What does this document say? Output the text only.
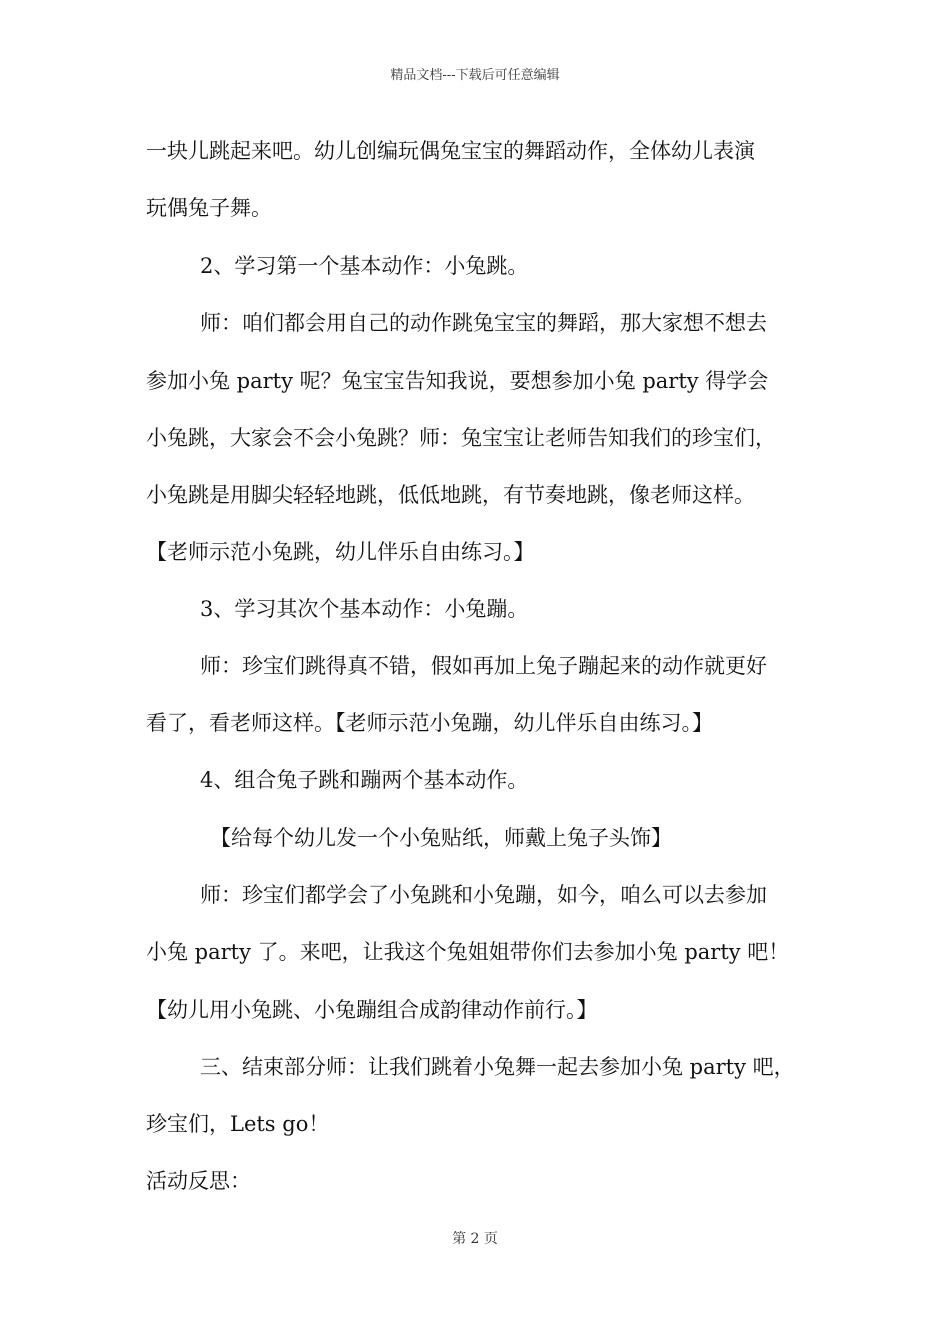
精品文档---下载后可任意编辑
一块儿跳起来吧。幼儿创编玩偶兔宝宝的舞蹈动作，全体幼儿表演
玩偶兔子舞。
2、学习第一个基本动作：小兔跳。
师：咱们都会用自己的动作跳兔宝宝的舞蹈，那大家想不想去
参加小兔 party 呢？兔宝宝告知我说，要想参加小兔 party 得学会
小兔跳，大家会不会小兔跳？师：兔宝宝让老师告知我们的珍宝们，
小兔跳是用脚尖轻轻地跳，低低地跳，有节奏地跳，像老师这样。
【老师示范小兔跳，幼儿伴乐自由练习。】
3、学习其次个基本动作：小兔蹦。
师：珍宝们跳得真不错，假如再加上兔子蹦起来的动作就更好
看了，看老师这样。【老师示范小兔蹦，幼儿伴乐自由练习。】
4、组合兔子跳和蹦两个基本动作。
【给每个幼儿发一个小兔贴纸，师戴上兔子头饰】
师：珍宝们都学会了小兔跳和小兔蹦，如今，咱么可以去参加
小兔 party 了。来吧，让我这个兔姐姐带你们去参加小兔 party 吧！
【幼儿用小兔跳、小兔蹦组合成韵律动作前行。】
三、结束部分师：让我们跳着小兔舞一起去参加小兔 party 吧，
珍宝们，Lets go！
活动反思：
第 2 页
